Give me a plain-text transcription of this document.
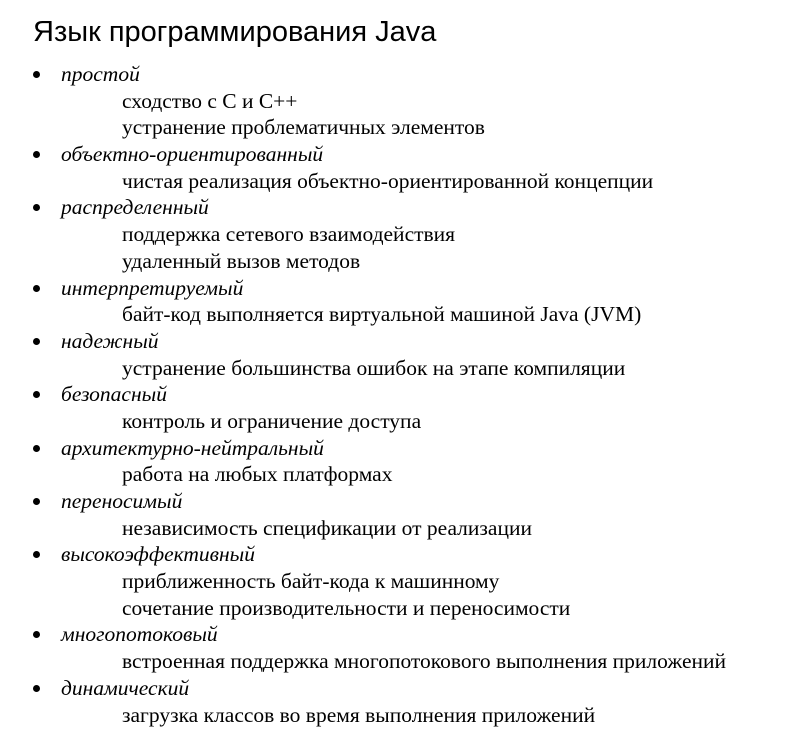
Язык программирования Java
простой
сходство с C и C++
устранение проблематичных элементов
объектно-ориентированный
чистая реализация объектно-ориентированной концепции
распределенный
поддержка сетевого взаимодействия
удаленный вызов методов
интерпретируемый
байт-код выполняется виртуальной машиной Java (JVM)
надежный
устранение большинства ошибок на этапе компиляции
безопасный
контроль и ограничение доступа
архитектурно-нейтральный
работа на любых платформах
переносимый
независимость спецификации от реализации
высокоэффективный
приближенность байт-кода к машинному
сочетание производительности и переносимости
многопотоковый
встроенная поддержка многопотокового выполнения приложений
динамический
загрузка классов во время выполнения приложений
